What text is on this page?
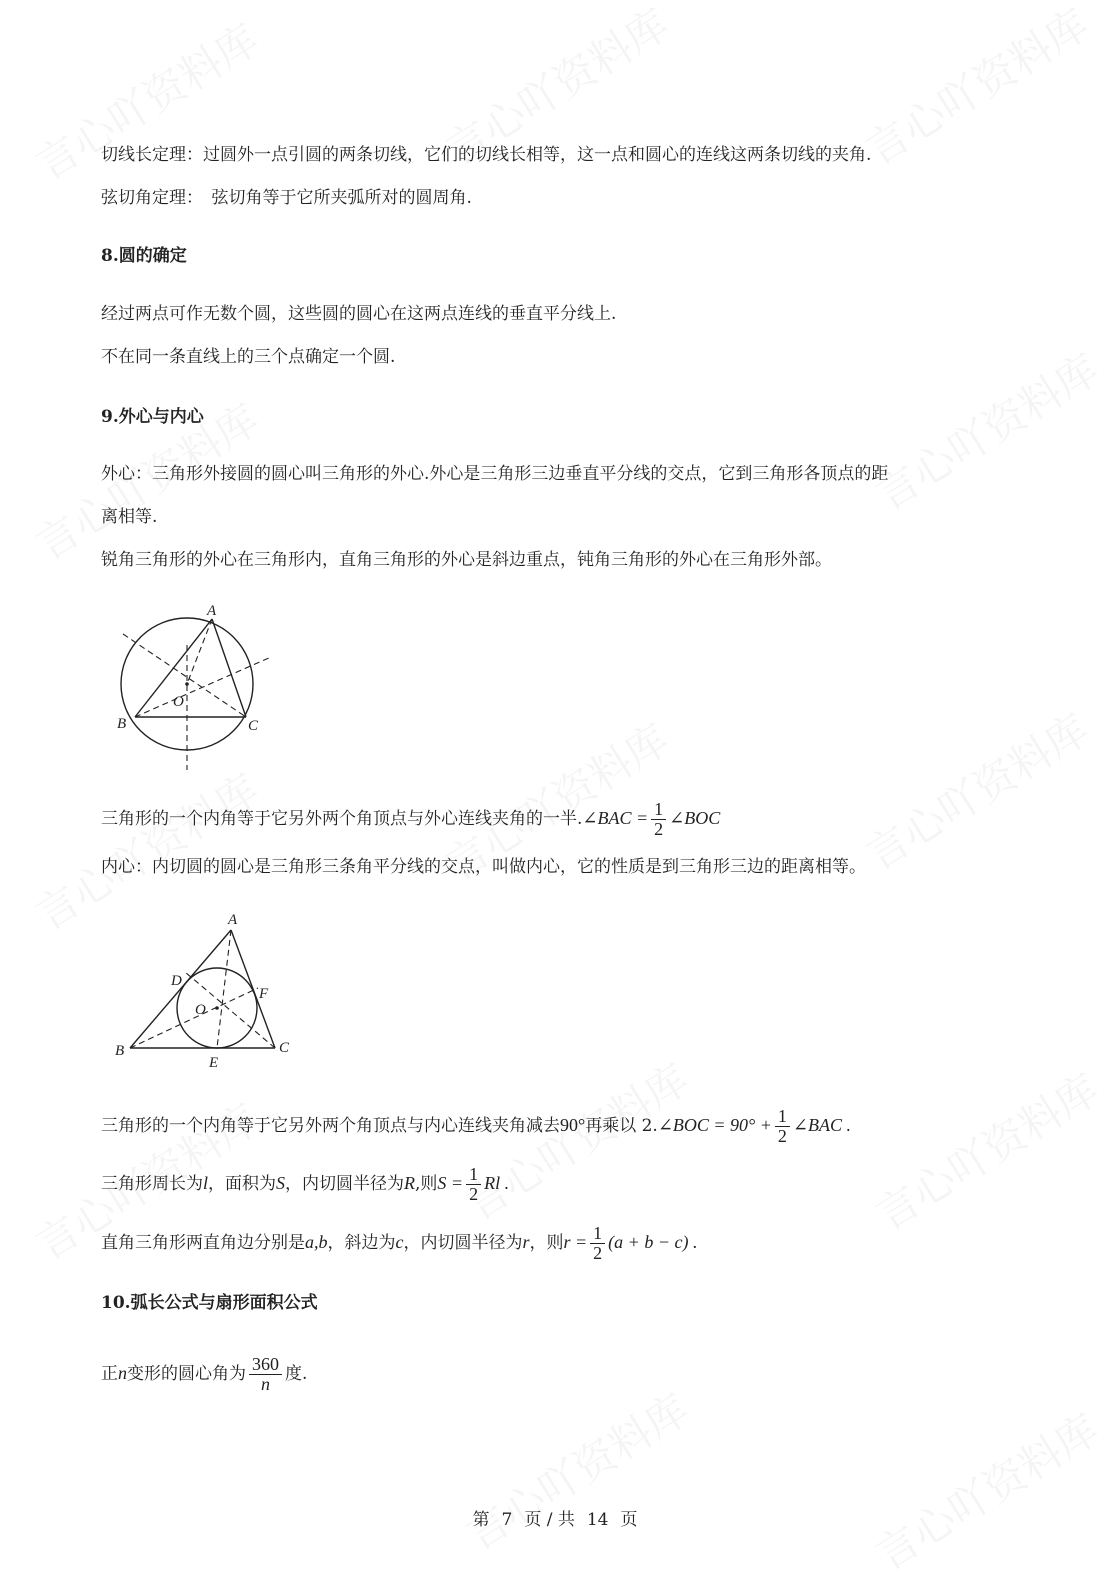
切线长定理：过圆外一点引圆的两条切线，它们的切线长相等，这一点和圆心的连线这两条切线的夹角.
弦切角定理：　弦切角等于它所夹弧所对的圆周角.
8.圆的确定
经过两点可作无数个圆，这些圆的圆心在这两点连线的垂直平分线上.
不在同一条直线上的三个点确定一个圆.
9.外心与内心
外心：三角形外接圆的圆心叫三角形的外心.外心是三角形三边垂直平分线的交点，它到三角形各顶点的距
离相等.
锐角三角形的外心在三角形内，直角三角形的外心是斜边重点，钝角三角形的外心在三角形外部。
A
B	C
O
三角形的一个内角等于它另外两个角顶点与外心连线夹角的一半.∠BAC = $\frac{1}{2}$ ∠BOC
内心：内切圆的圆心是三角形三条角平分线的交点，叫做内心，它的性质是到三角形三边的距离相等。
A
B	C
D
E
F
O
三角形的一个内角等于它另外两个角顶点与内心连线夹角减去90°再乘以 2.∠BOC = $90^\circ + \frac{1}{2}$ ∠BAC .
三角形周长为l，面积为S，内切圆半径为R,则$S = \frac{1}{2}$ Rl .
直角三角形两直角边分别是a,b，斜边为c，内切圆半径为r，则$r = \frac{1}{2} (a + b - c)$ .
10.弧长公式与扇形面积公式
正n变形的圆心角为 $\frac{360}{n}$ 度.
第 7 页 / 共 14 页
